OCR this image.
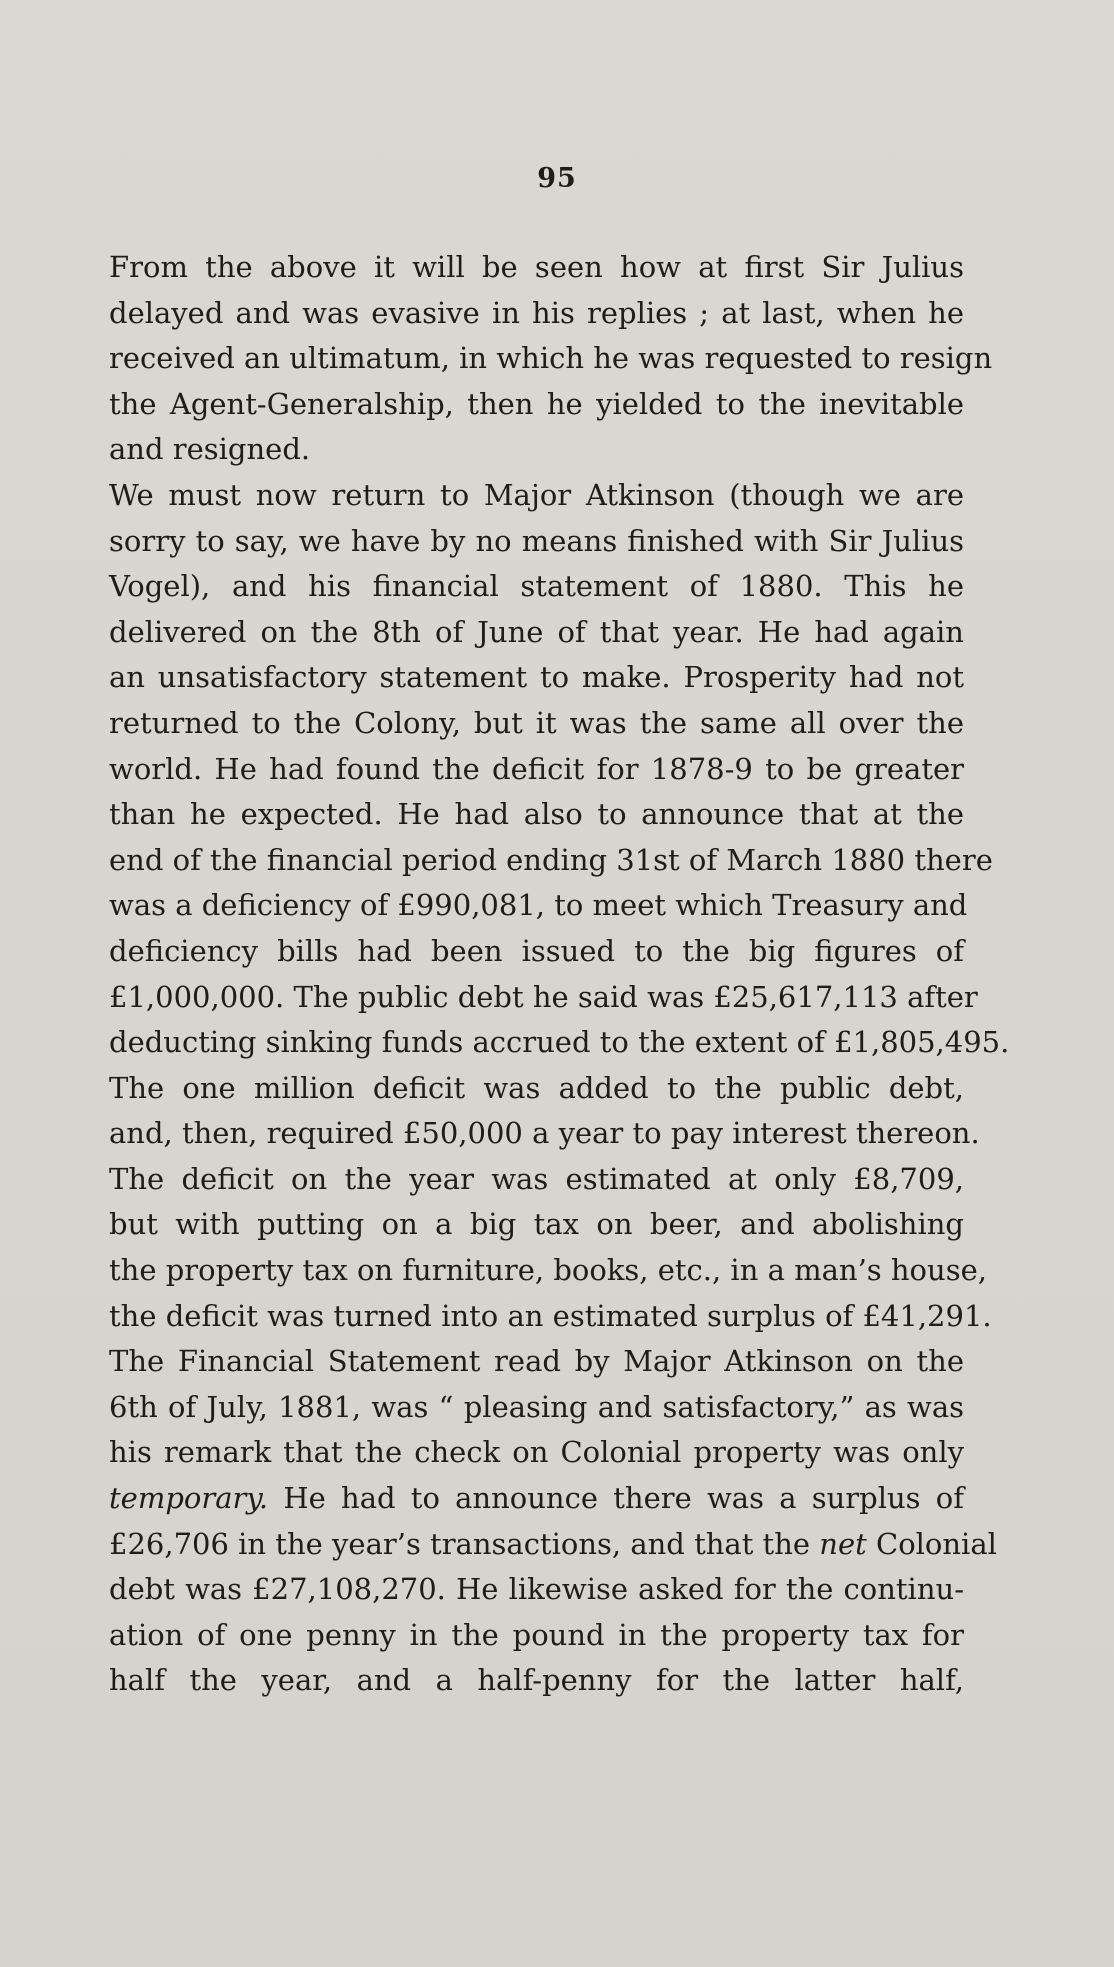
95
From the above it will be seen how at first Sir Julius
delayed and was evasive in his replies ; at last, when he
received an ultimatum, in which he was requested to resign
the Agent-Generalship, then he yielded to the inevitable
and resigned.
We must now return to Major Atkinson (though we are
sorry to say, we have by no means finished with Sir Julius
Vogel), and his financial statement of 1880. This he
delivered on the 8th of June of that year. He had again
an unsatisfactory statement to make. Prosperity had not
returned to the Colony, but it was the same all over the
world. He had found the deficit for 1878-9 to be greater
than he expected. He had also to announce that at the
end of the financial period ending 31st of March 1880 there
was a deficiency of £990,081, to meet which Treasury and
deficiency bills had been issued to the big figures of
£1,000,000. The public debt he said was £25,617,113 after
deducting sinking funds accrued to the extent of £1,805,495.
The one million deficit was added to the public debt,
and, then, required £50,000 a year to pay interest thereon.
The deficit on the year was estimated at only £8,709,
but with putting on a big tax on beer, and abolishing
the property tax on furniture, books, etc., in a man’s house,
the deficit was turned into an estimated surplus of £41,291.
The Financial Statement read by Major Atkinson on the
6th of July, 1881, was “ pleasing and satisfactory,” as was
his remark that the check on Colonial property was only
temporary. He had to announce there was a surplus of
£26,706 in the year’s transactions, and that the net Colonial
debt was £27,108,270. He likewise asked for the continu-
ation of one penny in the pound in the property tax for
half the year, and a half-penny for the latter half,
